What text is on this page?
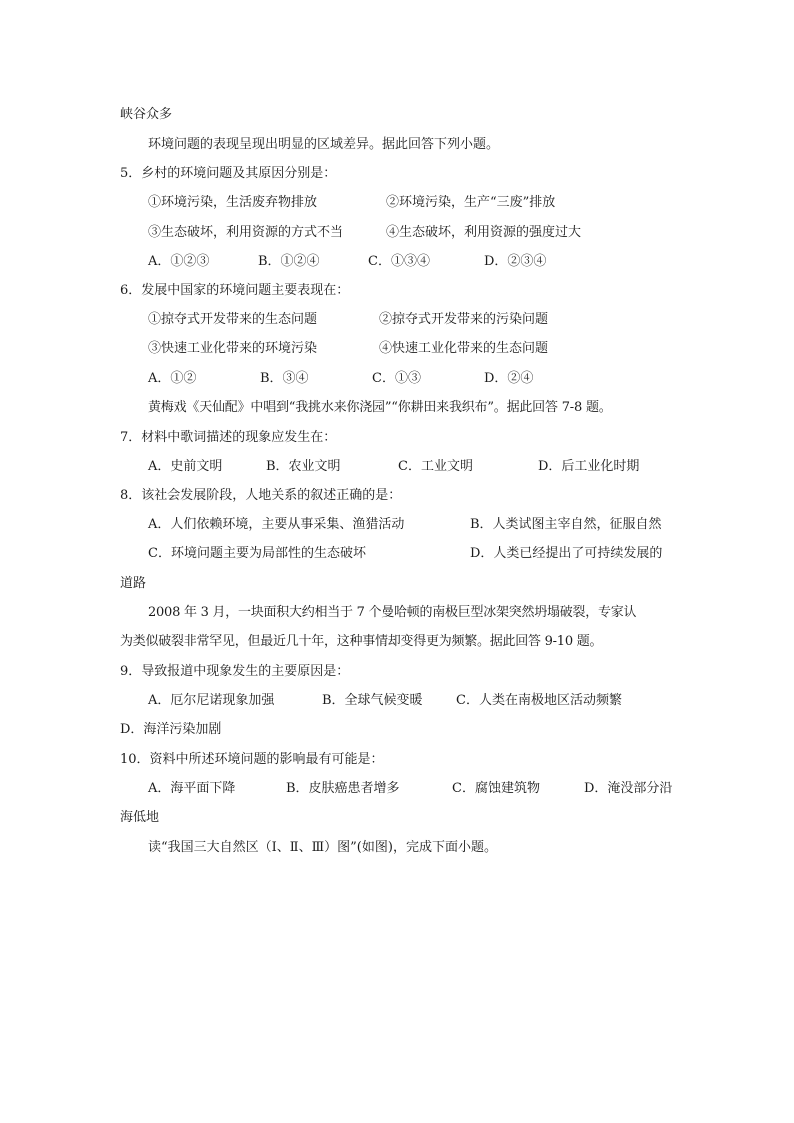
峡谷众多
环境问题的表现呈现出明显的区域差异。据此回答下列小题。
5．乡村的环境问题及其原因分别是：
①环境污染，生活废弃物排放	②环境污染，生产“三废”排放
③生态破坏，利用资源的方式不当	④生态破坏，利用资源的强度过大
A．①②③	B．①②④	C．①③④	D．②③④
6．发展中国家的环境问题主要表现在：
①掠夺式开发带来的生态问题	②掠夺式开发带来的污染问题
③快速工业化带来的环境污染	④快速工业化带来的生态问题
A．①②	B．③④	C．①③	D．②④
黄梅戏《天仙配》中唱到“我挑水来你浇园”“你耕田来我织布”。据此回答 7-8 题。
7．材料中歌词描述的现象应发生在：
A．史前文明	B．农业文明	C．工业文明	D．后工业化时期
8．该社会发展阶段，人地关系的叙述正确的是：
A．人们依赖环境，主要从事采集、渔猎活动	B．人类试图主宰自然，征服自然
C．环境问题主要为局部性的生态破坏	D．人类已经提出了可持续发展的
道路
2008 年 3 月，一块面积大约相当于 7 个曼哈顿的南极巨型冰架突然坍塌破裂，专家认
为类似破裂非常罕见，但最近几十年，这种事情却变得更为频繁。据此回答 9-10 题。
9．导致报道中现象发生的主要原因是：
A．厄尔尼诺现象加强	B．全球气候变暖	C．人类在南极地区活动频繁
D．海洋污染加剧
10．资料中所述环境问题的影响最有可能是：
A．海平面下降	B．皮肤癌患者增多	C．腐蚀建筑物	D．淹没部分沿
海低地
读“我国三大自然区（Ⅰ、Ⅱ、Ⅲ）图”(如图)，完成下面小题。
